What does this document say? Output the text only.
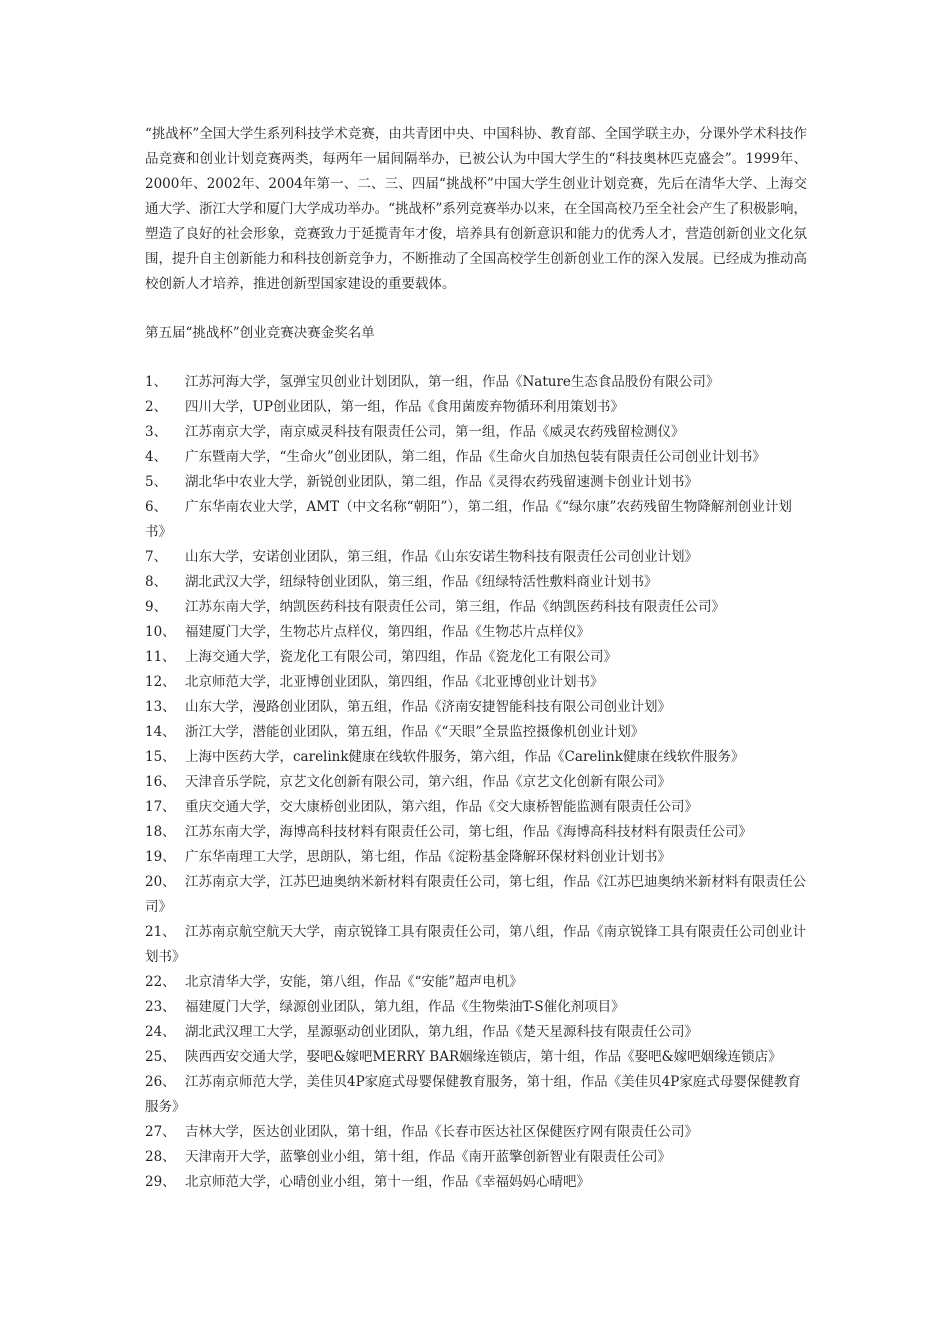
“挑战杯”全国大学生系列科技学术竞赛，由共青团中央、中国科协、教育部、全国学联主办，分课外学术科技作品竞赛和创业计划竞赛两类，每两年一届间隔举办，已被公认为中国大学生的“科技奥林匹克盛会”。1999年、2000年、2002年、2004年第一、二、三、四届“挑战杯”中国大学生创业计划竞赛，先后在清华大学、上海交通大学、浙江大学和厦门大学成功举办。“挑战杯”系列竞赛举办以来，在全国高校乃至全社会产生了积极影响，塑造了良好的社会形象，竞赛致力于延揽青年才俊，培养具有创新意识和能力的优秀人才，营造创新创业文化氛围，提升自主创新能力和科技创新竞争力，不断推动了全国高校学生创新创业工作的深入发展。已经成为推动高校创新人才培养，推进创新型国家建设的重要载体。

第五届“挑战杯”创业竞赛决赛金奖名单

1、 江苏河海大学，氢弹宝贝创业计划团队，第一组，作品《Nature生态食品股份有限公司》
2、 四川大学，UP创业团队，第一组，作品《食用菌废弃物循环利用策划书》
3、 江苏南京大学，南京威灵科技有限责任公司，第一组，作品《威灵农药残留检测仪》
4、 广东暨南大学，“生命火”创业团队，第二组，作品《生命火自加热包装有限责任公司创业计划书》
5、 湖北华中农业大学，新锐创业团队，第二组，作品《灵得农药残留速测卡创业计划书》
6、 广东华南农业大学，AMT（中文名称“朝阳”），第二组，作品《“绿尔康”农药残留生物降解剂创业计划书》
7、 山东大学，安诺创业团队，第三组，作品《山东安诺生物科技有限责任公司创业计划》
8、 湖北武汉大学，纽绿特创业团队，第三组，作品《纽绿特活性敷料商业计划书》
9、 江苏东南大学，纳凯医药科技有限责任公司，第三组，作品《纳凯医药科技有限责任公司》
10、 福建厦门大学，生物芯片点样仪，第四组，作品《生物芯片点样仪》
11、 上海交通大学，瓷龙化工有限公司，第四组，作品《瓷龙化工有限公司》
12、 北京师范大学，北亚博创业团队，第四组，作品《北亚博创业计划书》
13、 山东大学，漫路创业团队，第五组，作品《济南安捷智能科技有限公司创业计划》
14、 浙江大学，潜能创业团队，第五组，作品《“天眼”全景监控摄像机创业计划》
15、 上海中医药大学，carelink健康在线软件服务，第六组，作品《Carelink健康在线软件服务》
16、 天津音乐学院，京艺文化创新有限公司，第六组，作品《京艺文化创新有限公司》
17、 重庆交通大学，交大康桥创业团队，第六组，作品《交大康桥智能监测有限责任公司》
18、 江苏东南大学，海博高科技材料有限责任公司，第七组，作品《海博高科技材料有限责任公司》
19、 广东华南理工大学，思朗队，第七组，作品《淀粉基金降解环保材料创业计划书》
20、 江苏南京大学，江苏巴迪奥纳米新材料有限责任公司，第七组，作品《江苏巴迪奥纳米新材料有限责任公司》
21、 江苏南京航空航天大学，南京锐锋工具有限责任公司，第八组，作品《南京锐锋工具有限责任公司创业计划书》
22、 北京清华大学，安能，第八组，作品《“安能”超声电机》
23、 福建厦门大学，绿源创业团队，第九组，作品《生物柴油T-S催化剂项目》
24、 湖北武汉理工大学，星源驱动创业团队，第九组，作品《楚天星源科技有限责任公司》
25、 陕西西安交通大学，娶吧&嫁吧MERRY BAR姻缘连锁店，第十组，作品《娶吧&嫁吧姻缘连锁店》
26、 江苏南京师范大学，美佳贝4P家庭式母婴保健教育服务，第十组，作品《美佳贝4P家庭式母婴保健教育服务》
27、 吉林大学，医达创业团队，第十组，作品《长春市医达社区保健医疗网有限责任公司》
28、 天津南开大学，蓝擎创业小组，第十组，作品《南开蓝擎创新智业有限责任公司》
29、 北京师范大学，心晴创业小组，第十一组，作品《幸福妈妈心晴吧》
